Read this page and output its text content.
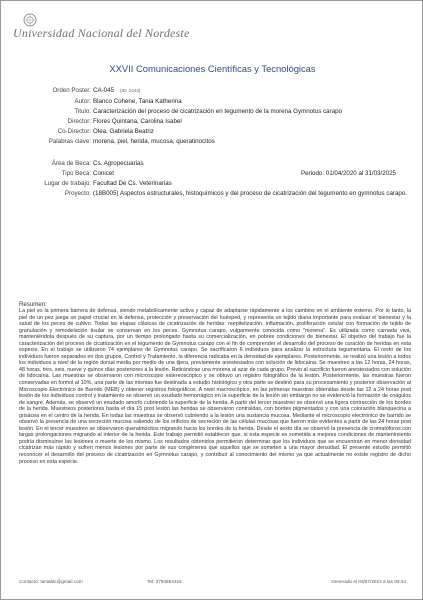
Universidad Nacional del Nordeste
XXVII Comunicaciones Científicas y Tecnológicas
Orden Poster: CA-045 (ID: 2443)
Autor: Blanco Cohene, Tania Katherina
Titulo: Caracterización del proceso de cicatrización en tegumento de la morena Gymnotus carapo
Director: Flores Quintana, Carolina Isabel
Co-Director: Olea, Gabriela Beatriz
Palabras clave: morena, piel, herida, mucosa, queratinocitos
Área de Beca: Cs. Agropecuarias
Tipo Beca: Conicet	Periodo: 01/04/2020 al 31/03/2025
Lugar de trabajo: Facultad De Cs. Veterinarias
Proyecto: (18B005) Aspectos estructurales, histoquímicos y del proceso de cicatrización del tegumento en gymnotus carapo.
Resumen:
La piel es la primera barrera de defensa, siendo metabólicamente activa y capaz de adaptarse rápidamente a los cambios en el ambiente externo. Por lo tanto, la piel de un pez juega un papel crucial en la defensa, protección y preservación del huésped, y representa un tejido diana importante para evaluar el bienestar y la salud de los peces de cultivo. Todas las etapas clásicas de cicatrización de heridas: reepitelización, inflamación, proliferación celular con formación de tejido de granulación y remodelación tisular se conservan en los peces. Gymnotus carapo, vulgarmente conocida como "morena". Es utilizada como carnada viva, manteniéndola después de su captura, por un tiempo prolongado hasta su comercialización, en pobres condiciones de bienestar. El objetivo del trabajo fue la caracterización del proceso de cicatrización en el tegumento de Gymnotus carapo con el fin de comprender el desarrollo del proceso de curación de heridas en esta especie. En el trabajo se utilizaron 74 ejemplares de Gymnotus carapo. Se sacrificaron 6 individuos para analizar la estructura tegumentaria. El resto de los individuos fueron separados en dos grupos, Control y Tratamiento, la diferencia radicaba en la densidad de ejemplares. Posteriormente, se realizó una lesión a todos los individuos a nivel de la región dorsal media por medio de una tijera, previamente anestesiados con solución de lidocaína. Se muestreo a las 12 horas, 24 horas, 48 horas, tres, seis, nueve y quince días posteriores a la lesión. Retirándose una morena al azar de cada grupo. Previo al sacrificio fueron anestesiados con solución de lidocaína. Las muestras se observaron con microscopio estereoscópico y se obtuvo un registro fotográfico de la lesión. Posteriormente, las muestras fueron conservadas en formol al 10%, una parte de las mismas fue destinada a estudio histológico y otra parte se destinó para su procesamiento y posterior observación al Microscopio Electrónico de Barrido (MEB) y obtener registros fotográficos. A nivel macroscópico, en las primeras muestras obtenidas desde las 12 a 24 horas post lesión de los individuos control y tratamiento se observó un exudado hemorrágico en la superficie de la lesión sin embargo no se evidenció la formación de coágulos de sangre. Además, se observó un exudado amorfo cubriendo la superficie de la herida. A partir del tercer muestreo se observó una ligera contracción de los bordes de la herida. Muestreos posteriores hasta el día 15 post lesión las heridas se observaron contraídas, con bordes pigmentados y con una coloración blanquecina a grisácea en el centro de la herida. En todas las muestras se observó cubriendo a la lesión una sustancia mucosa. Mediante el microscopio electrónico de barrido se observó la presencia de una secreción mucosa saliendo de los orificios de secreción de las células mucosas que fueron más evidentes a partir de las 24 horas post lesión. En el tercer muestreo se observaron queratinocitos migrando hacia los bordes de la herida. Desde el sexto día se observó la presencia de cromatóforos con largas prolongaciones migrando al interior de la herida. Este trabajo permitió establecer que, si esta especie es sometida a mejores condiciones de mantenimiento podría disminuirse las lesiones o muerte de los mismo. Los resultados obtenidos permitieron determinar que los individuos que se encuentran en menor densidad cicatrizan más rápido y sufren menos lesiones por parte de sus congéneres que aquellos que se someten a una mayor densidad. El presente estudio permitió reconocer el desarrollo del proceso de cicatrización en Gymnotus carapo, y contribuir al conocimiento del mismo ya que actualmente no existe registro de dicho proceso en esta especie.
Contacto: taniablc@gmail.com	Tel: 3794854315	Generado el 03/07/2023 a las 09:44
